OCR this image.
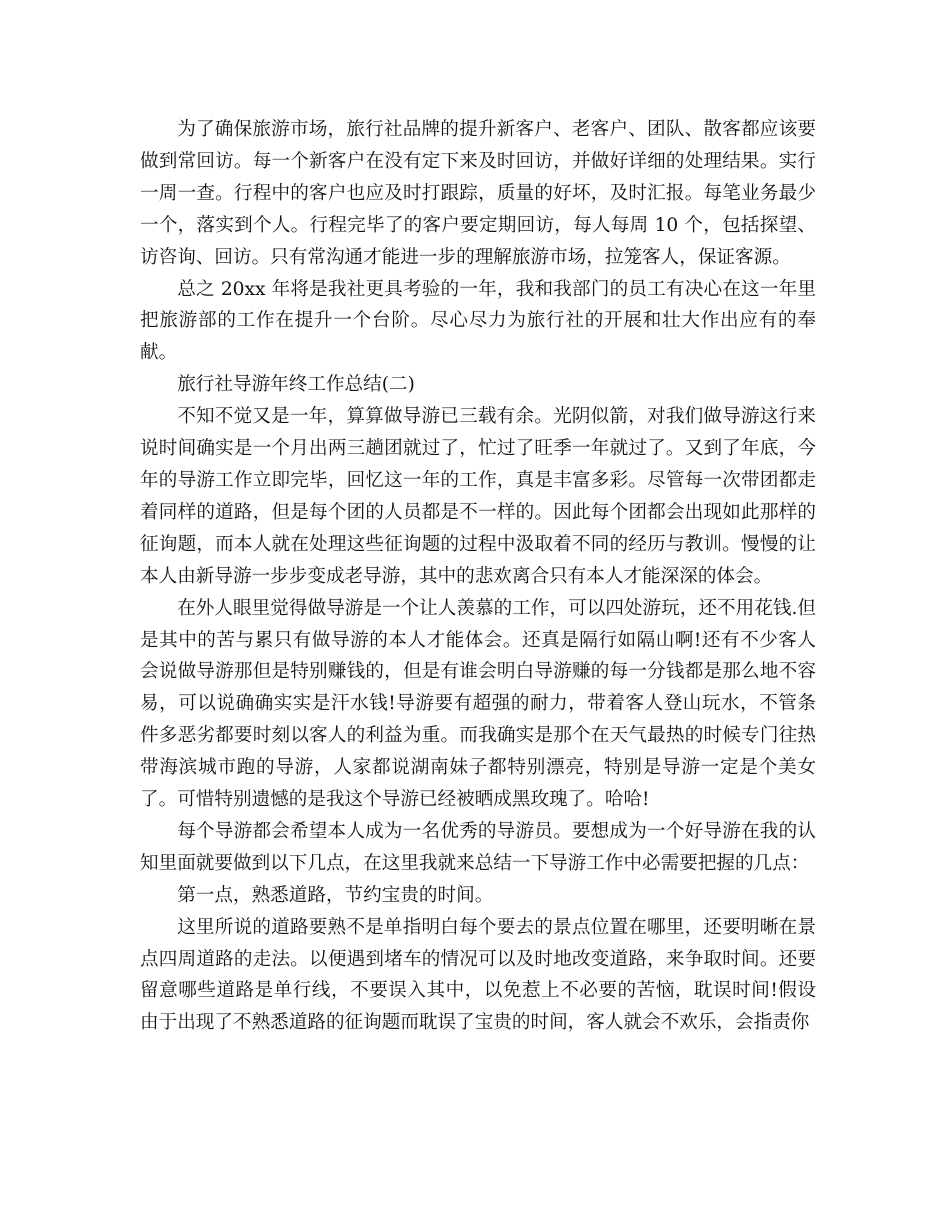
为了确保旅游市场，旅行社品牌的提升新客户、老客户、团队、散客都应该要做到常回访。每一个新客户在没有定下来及时回访，并做好详细的处理结果。实行一周一查。行程中的客户也应及时打跟踪，质量的好坏，及时汇报。每笔业务最少一个，落实到个人。行程完毕了的客户要定期回访，每人每周 10 个，包括探望、访咨询、回访。只有常沟通才能进一步的理解旅游市场，拉笼客人，保证客源。

总之 20xx 年将是我社更具考验的一年，我和我部门的员工有决心在这一年里把旅游部的工作在提升一个台阶。尽心尽力为旅行社的开展和壮大作出应有的奉献。

旅行社导游年终工作总结(二)

不知不觉又是一年，算算做导游已三载有余。光阴似箭，对我们做导游这行来说时间确实是一个月出两三趟团就过了，忙过了旺季一年就过了。又到了年底，今年的导游工作立即完毕，回忆这一年的工作，真是丰富多彩。尽管每一次带团都走着同样的道路，但是每个团的人员都是不一样的。因此每个团都会出现如此那样的征询题，而本人就在处理这些征询题的过程中汲取着不同的经历与教训。慢慢的让本人由新导游一步步变成老导游，其中的悲欢离合只有本人才能深深的体会。

在外人眼里觉得做导游是一个让人羡慕的工作，可以四处游玩，还不用花钱.但是其中的苦与累只有做导游的本人才能体会。还真是隔行如隔山啊!还有不少客人会说做导游那但是特别赚钱的，但是有谁会明白导游赚的每一分钱都是那么地不容易，可以说确确实实是汗水钱!导游要有超强的耐力，带着客人登山玩水，不管条件多恶劣都要时刻以客人的利益为重。而我确实是那个在天气最热的时候专门往热带海滨城市跑的导游，人家都说湖南妹子都特别漂亮，特别是导游一定是个美女了。可惜特别遗憾的是我这个导游已经被晒成黑玫瑰了。哈哈!

每个导游都会希望本人成为一名优秀的导游员。要想成为一个好导游在我的认知里面就要做到以下几点，在这里我就来总结一下导游工作中必需要把握的几点：

第一点，熟悉道路，节约宝贵的时间。

这里所说的道路要熟不是单指明白每个要去的景点位置在哪里，还要明晰在景点四周道路的走法。以便遇到堵车的情况可以及时地改变道路，来争取时间。还要留意哪些道路是单行线，不要误入其中，以免惹上不必要的苦恼，耽误时间!假设由于出现了不熟悉道路的征询题而耽误了宝贵的时间，客人就会不欢乐，会指责你
